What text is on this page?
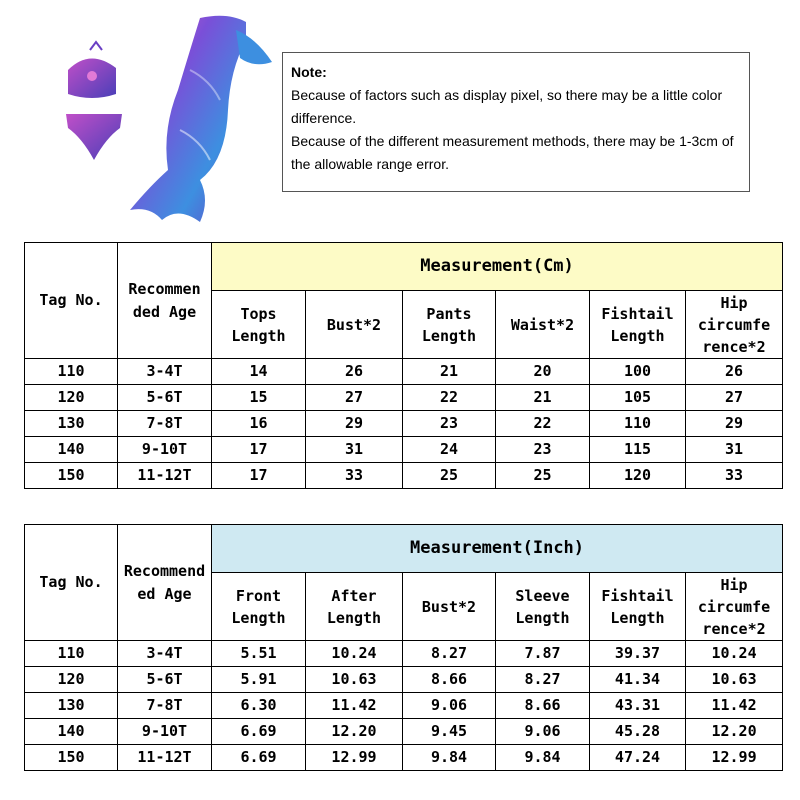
Note:
Because of factors such as display pixel, so there may be a little color difference.
Because of the different measurement methods, there may be 1-3cm of the allowable range error.
Tag No.	Recommen ded Age	Measurement(Cm)					
		Tops Length	Bust*2	Pants Length	Waist*2	Fishtail Length	Hip circumfe rence*2
110	3-4T	14	26	21	20	100	26
120	5-6T	15	27	22	21	105	27
130	7-8T	16	29	23	22	110	29
140	9-10T	17	31	24	23	115	31
150	11-12T	17	33	25	25	120	33
Tag No.	Recommend ed Age	Measurement(Inch)					
		Front Length	After Length	Bust*2	Sleeve Length	Fishtail Length	Hip circumfe rence*2
110	3-4T	5.51	10.24	8.27	7.87	39.37	10.24
120	5-6T	5.91	10.63	8.66	8.27	41.34	10.63
130	7-8T	6.30	11.42	9.06	8.66	43.31	11.42
140	9-10T	6.69	12.20	9.45	9.06	45.28	12.20
150	11-12T	6.69	12.99	9.84	9.84	47.24	12.99
